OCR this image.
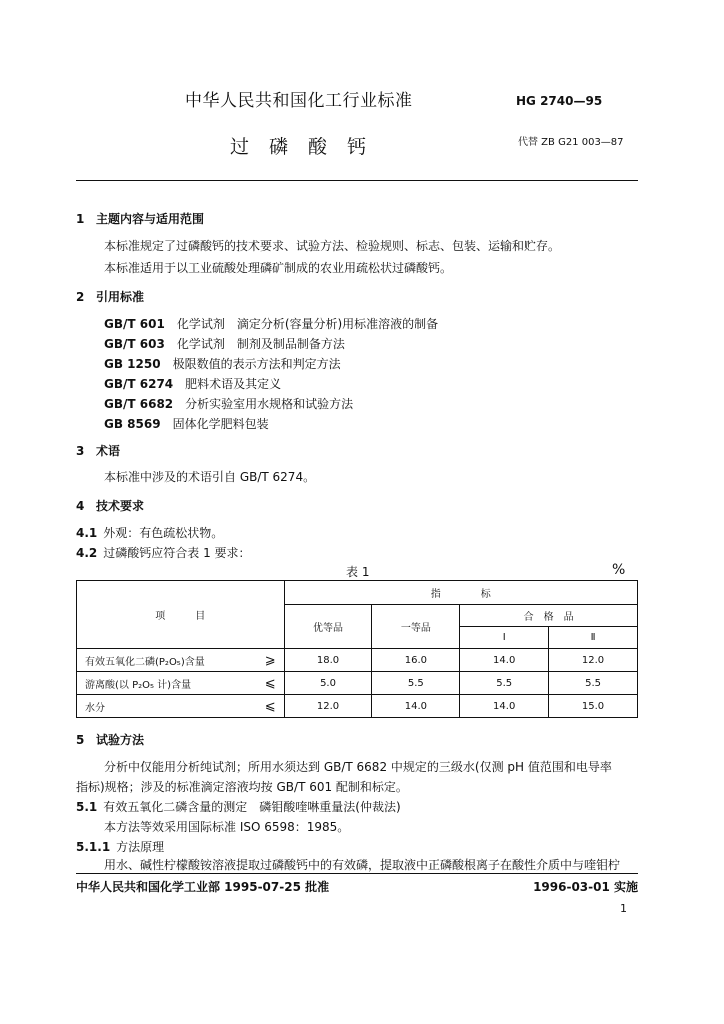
中华人民共和国化工行业标准	HG 2740—95
过磷酸钙	代替 ZB G21 003—87
1 主题内容与适用范围
本标准规定了过磷酸钙的技术要求、试验方法、检验规则、标志、包装、运输和贮存。
本标准适用于以工业硫酸处理磷矿制成的农业用疏松状过磷酸钙。
2 引用标准
GB/T 601　 化学试剂　滴定分析(容量分析)用标准溶液的制备
GB/T 603　 化学试剂　制剂及制品制备方法
GB 1250　 极限数值的表示方法和判定方法
GB/T 6274　 肥料术语及其定义
GB/T 6682　 分析实验室用水规格和试验方法
GB 8569　 固体化学肥料包装
3 术语
本标准中涉及的术语引自 GB/T 6274。
4 技术要求
4.1 外观：有色疏松状物。
4.2 过磷酸钙应符合表 1 要求：
表 1	%
项　　　目		指　　　　标			
		优等品	一等品	合　格　品	
				Ⅰ	Ⅱ
有效五氧化二磷(P₂O₅)含量	⩾	18.0	16.0	14.0	12.0
游离酸(以 P₂O₅ 计)含量	⩽	5.0	5.5	5.5	5.5
水分	⩽	12.0	14.0	14.0	15.0
5 试验方法
分析中仅能用分析纯试剂；所用水须达到 GB/T 6682 中规定的三级水(仅测 pH 值范围和电导率
指标)规格；涉及的标准滴定溶液均按 GB/T 601 配制和标定。
5.1 有效五氧化二磷含量的测定　磷钼酸喹啉重量法(仲裁法)
本方法等效采用国际标准 ISO 6598：1985。
5.1.1 方法原理
用水、碱性柠檬酸铵溶液提取过磷酸钙中的有效磷，提取液中正磷酸根离子在酸性介质中与喹钼柠
中华人民共和国化学工业部 1995-07-25 批准	1996-03-01 实施
1
